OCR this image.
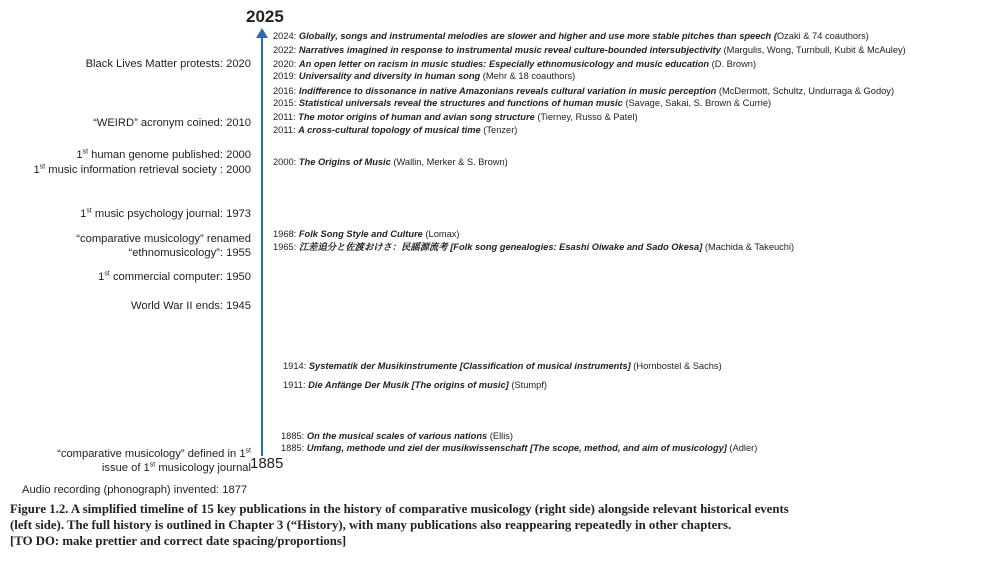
2025
1885
Black Lives Matter protests: 2020
“WEIRD” acronym coined: 2010
1st human genome published: 2000
1st music information retrieval society : 2000
1st music psychology journal: 1973
“comparative musicology” renamed
“ethnomusicology”: 1955
1st commercial computer: 1950
World War II ends: 1945
“comparative musicology” defined in 1st
issue of 1st musicology journal
Audio recording (phonograph) invented: 1877
2024: Globally, songs and instrumental melodies are slower and higher and use more stable pitches than speech (Ozaki & 74 coauthors)
2022: Narratives imagined in response to instrumental music reveal culture-bounded intersubjectivity (Margulis, Wong, Turnbull, Kubit & McAuley)
2020: An open letter on racism in music studies: Especially ethnomusicology and music education (D. Brown)
2019: Universality and diversity in human song (Mehr & 18 coauthors)
2016: Indifference to dissonance in native Amazonians reveals cultural variation in music perception (McDermott, Schultz, Undurraga & Godoy)
2015: Statistical universals reveal the structures and functions of human music (Savage, Sakai, S. Brown & Currie)
2011: The motor origins of human and avian song structure (Tierney, Russo & Patel)
2011: A cross-cultural topology of musical time (Tenzer)
2000: The Origins of Music (Wallin, Merker & S. Brown)
1968: Folk Song Style and Culture (Lomax)
1965: 江差追分と佐渡おけさ：民謡源流考 [Folk song genealogies: Esashi Oiwake and Sado Okesa] (Machida & Takeuchi)
1914: Systematik der Musikinstrumente [Classification of musical instruments] (Hornbostel & Sachs)
1911: Die Anfänge Der Musik [The origins of music] (Stumpf)
1885: On the musical scales of various nations (Ellis)
1885: Umfang, methode und ziel der musikwissenschaft [The scope, method, and aim of musicology] (Adler)
Figure 1.2. A simplified timeline of 15 key publications in the history of comparative musicology (right side) alongside relevant historical events
(left side). The full history is outlined in Chapter 3 (“History), with many publications also reappearing repeatedly in other chapters.
[TO DO: make prettier and correct date spacing/proportions]
